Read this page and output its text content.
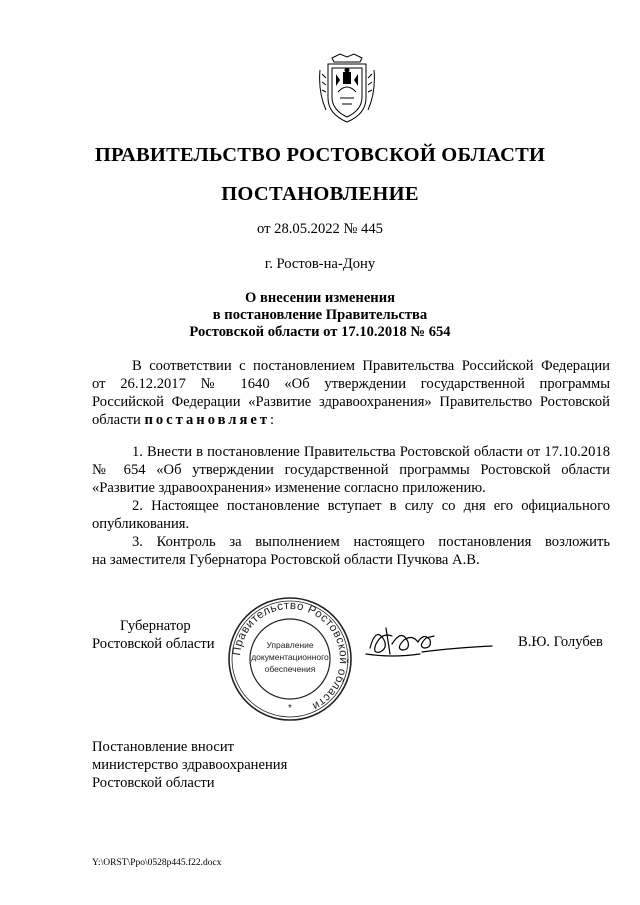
ПРАВИТЕЛЬСТВО РОСТОВСКОЙ ОБЛАСТИ
ПОСТАНОВЛЕНИЕ
от 28.05.2022 № 445
г. Ростов-на-Дону
О внесении изменения
в постановление Правительства
Ростовской области от 17.10.2018 № 654
В соответствии с постановлением Правительства Российской Федерации
от 26.12.2017 № 1640 «Об утверждении государственной программы
Российской Федерации «Развитие здравоохранения» Правительство Ростовской
области постановляет:
1. Внести в постановление Правительства Ростовской области от 17.10.2018
№ 654 «Об утверждении государственной программы Ростовской области
«Развитие здравоохранения» изменение согласно приложению.
2. Настоящее постановление вступает в силу со дня его официального
опубликования.
3. Контроль за выполнением настоящего постановления возложить
на заместителя Губернатора Ростовской области Пучкова А.В.
Правительство Ростовской области
Управление
документационного
обеспечения
*
Губернатор
Ростовской области	В.Ю. Голубев
Постановление вносит
министерство здравоохранения
Ростовской области
Y:\ORST\Ppo\0528p445.f22.docx
